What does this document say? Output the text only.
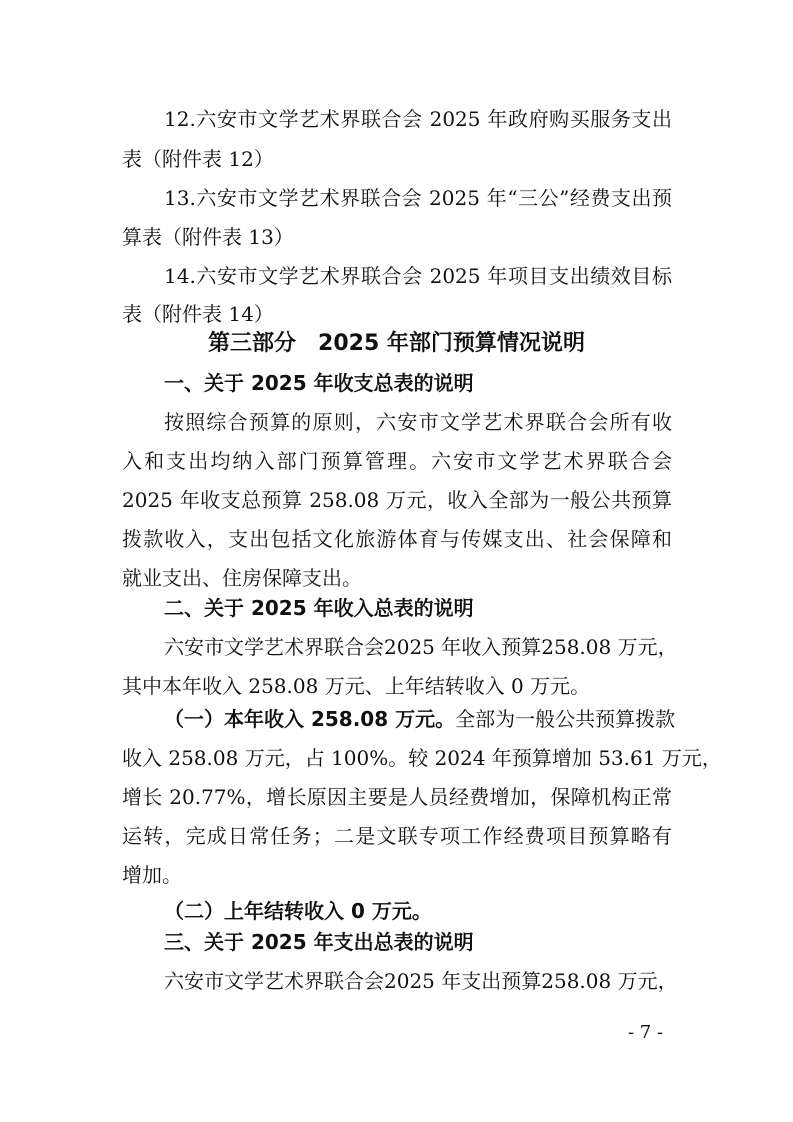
12.六安市文学艺术界联合会 2025 年政府购买服务支出
表（附件表 12）
13.六安市文学艺术界联合会 2025 年“三公”经费支出预
算表（附件表 13）
14.六安市文学艺术界联合会 2025 年项目支出绩效目标
表（附件表 14）
第三部分　2025 年部门预算情况说明
一、关于 2025 年收支总表的说明
按照综合预算的原则，六安市文学艺术界联合会所有收
入和支出均纳入部门预算管理。六安市文学艺术界联合会
2025 年收支总预算 258.08 万元，收入全部为一般公共预算
拨款收入，支出包括文化旅游体育与传媒支出、社会保障和
就业支出、住房保障支出。
二、关于 2025 年收入总表的说明
六安市文学艺术界联合会2025 年收入预算258.08 万元，
其中本年收入 258.08 万元、上年结转收入 0 万元。
（一）本年收入 258.08 万元。全部为一般公共预算拨款
收入 258.08 万元，占 100%。较 2024 年预算增加 53.61 万元，
增长 20.77%，增长原因主要是人员经费增加，保障机构正常
运转，完成日常任务；二是文联专项工作经费项目预算略有
增加。
（二）上年结转收入 0 万元。
三、关于 2025 年支出总表的说明
六安市文学艺术界联合会2025 年支出预算258.08 万元，
- 7 -
